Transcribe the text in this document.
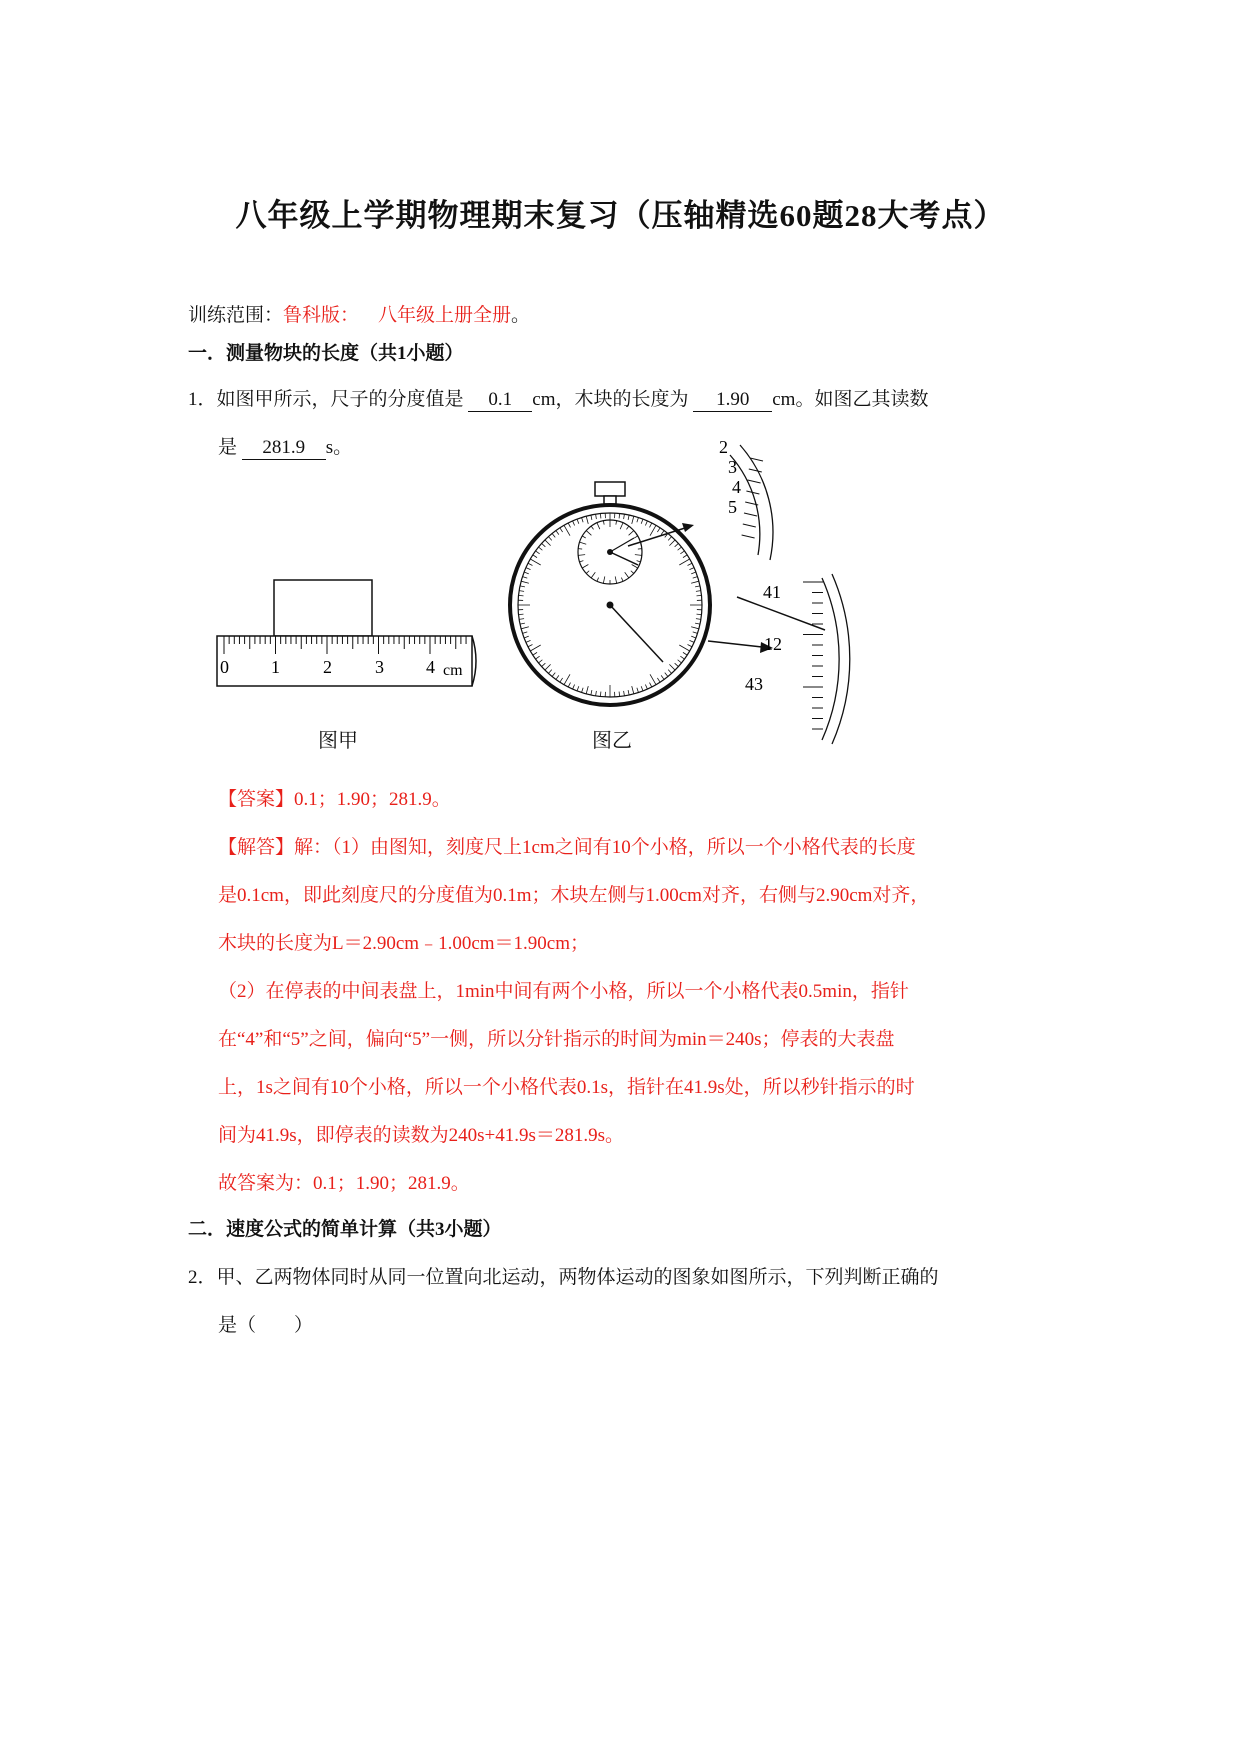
八年级上学期物理期末复习（压轴精选60题28大考点）
训练范围：鲁科版：    八年级上册全册。
一．测量物块的长度（共1小题）
1．如图甲所示，尺子的分度值是 0.1 cm，木块的长度为 1.90 cm。如图乙其读数
是 281.9 s。
0 1 2 3 4 cm
2
3
4
5
41
12
43
图甲	图乙
【答案】0.1；1.90；281.9。
【解答】解：（1）由图知，刻度尺上1cm之间有10个小格，所以一个小格代表的长度
是0.1cm，即此刻度尺的分度值为0.1m；木块左侧与1.00cm对齐，右侧与2.90cm对齐，
木块的长度为L＝2.90cm﹣1.00cm＝1.90cm；
（2）在停表的中间表盘上，1min中间有两个小格，所以一个小格代表0.5min，指针
在“4”和“5”之间，偏向“5”一侧，所以分针指示的时间为min＝240s；停表的大表盘
上，1s之间有10个小格，所以一个小格代表0.1s，指针在41.9s处，所以秒针指示的时
间为41.9s，即停表的读数为240s+41.9s＝281.9s。
故答案为：0.1；1.90；281.9。
二．速度公式的简单计算（共3小题）
2．甲、乙两物体同时从同一位置向北运动，两物体运动的图象如图所示，下列判断正确的
是（　　）
